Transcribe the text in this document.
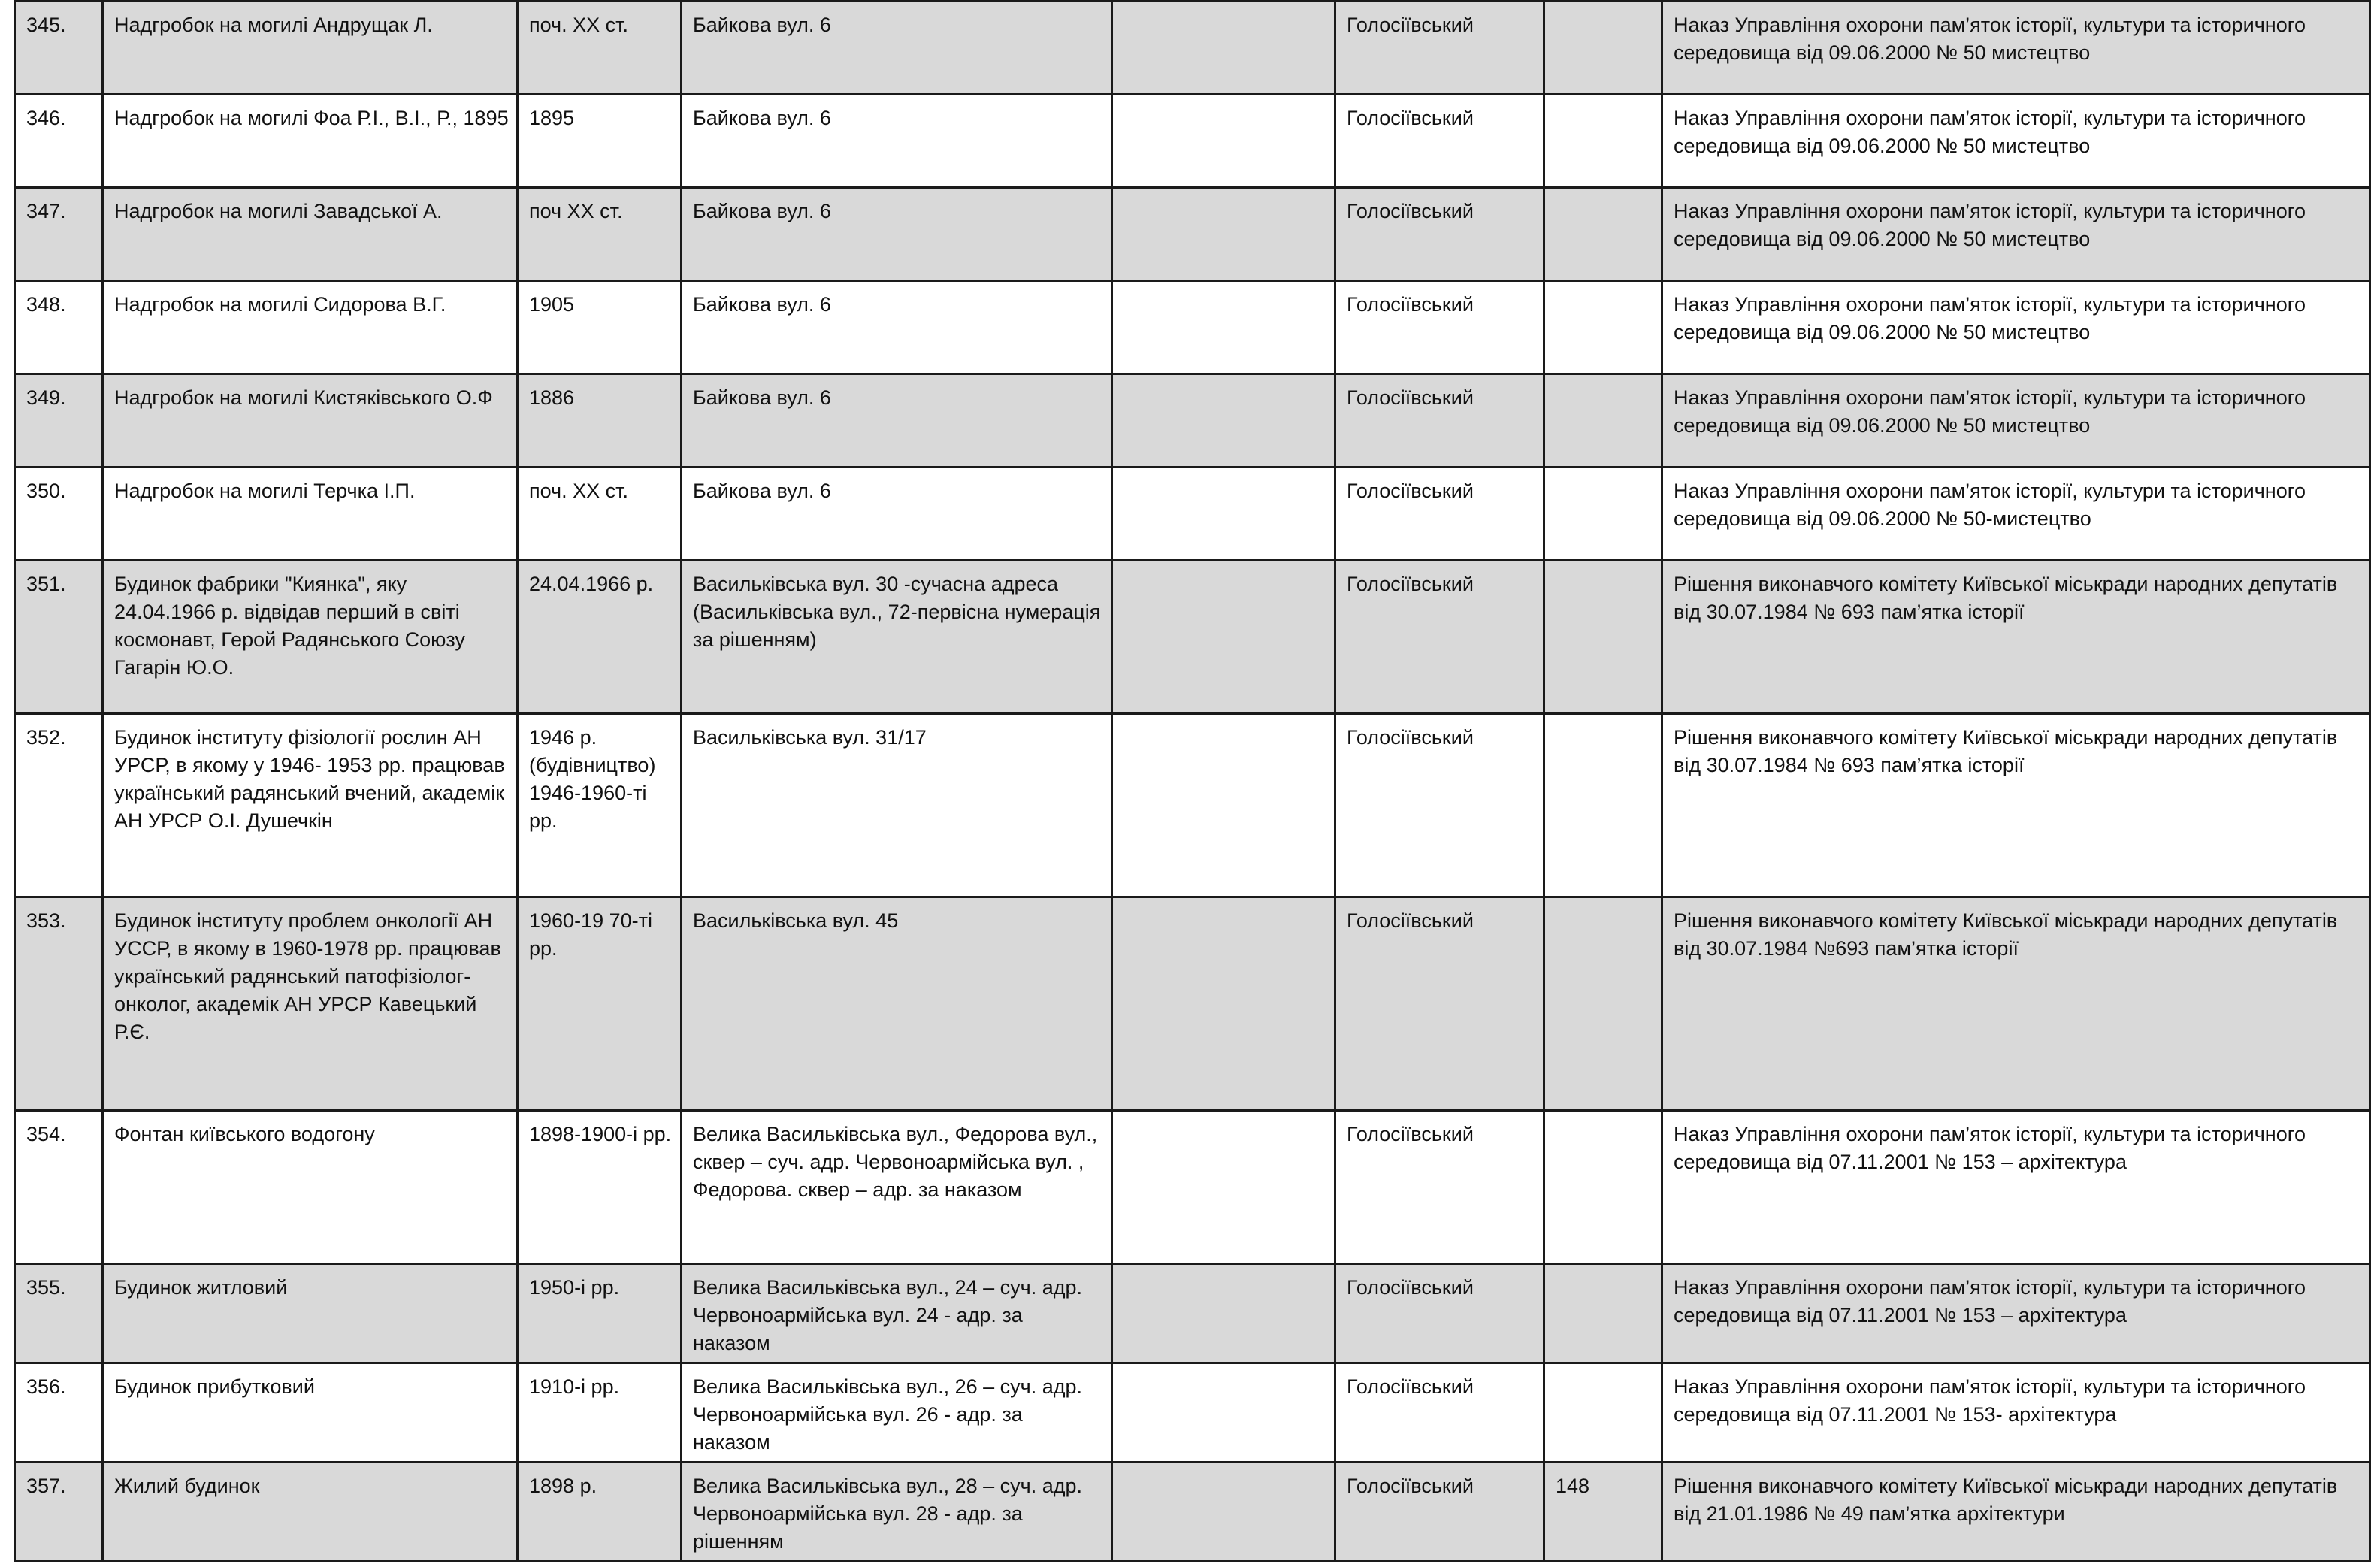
345.	Надгробок на могилі Андрущак Л.	поч. XX ст.	Байкова вул. 6		Голосіївський		Наказ Управління охорони пам’яток історії, культури та історичного середовища від 09.06.2000 № 50 мистецтво
346.	Надгробок на могилі Фоа Р.І., В.І., Р., 1895	1895	Байкова вул. 6		Голосіївський		Наказ Управління охорони пам’яток історії, культури та історичного середовища від 09.06.2000 № 50 мистецтво
347.	Надгробок на могилі Завадської А.	поч XX ст.	Байкова вул. 6		Голосіївський		Наказ Управління охорони пам’яток історії, культури та історичного середовища від 09.06.2000 № 50 мистецтво
348.	Надгробок на могилі Сидорова В.Г.	1905	Байкова вул. 6		Голосіївський		Наказ Управління охорони пам’яток історії, культури та історичного середовища від 09.06.2000 № 50 мистецтво
349.	Надгробок на могилі Кистяківського О.Ф	1886	Байкова вул. 6		Голосіївський		Наказ Управління охорони пам’яток історії, культури та історичного середовища від 09.06.2000 № 50 мистецтво
350.	Надгробок на могилі Терчка І.П.	поч. XX ст.	Байкова вул. 6		Голосіївський		Наказ Управління охорони пам’яток історії, культури та історичного середовища від 09.06.2000 № 50-мистецтво
351.	Будинок фабрики "Киянка", яку 24.04.1966 р. відвідав перший в світі космонавт, Герой Радянського Союзу Гагарін Ю.О.	24.04.1966 р.	Васильківська вул. 30 -сучасна адреса (Васильківська вул., 72-первісна нумерація за рішенням)		Голосіївський		Рішення виконавчого комітету Київської міськради народних депутатів від 30.07.1984 № 693 пам’ятка історії
352.	Будинок інституту фізіології рослин АН УРСР, в якому у 1946- 1953 рр. працював український радянський вчений, академік АН УРСР О.І. Душечкін	1946 р.(будівництво) 1946-1960-ті рр.	Васильківська вул. 31/17		Голосіївський		Рішення виконавчого комітету Київської міськради народних депутатів від 30.07.1984 № 693 пам’ятка історії
353.	Будинок інституту проблем онкології АН УССР, в якому в 1960-1978 рр. працював український радянський патофізіолог-онколог, академік АН УРСР Кавецький Р.Є.	1960-19 70-ті рр.	Васильківська вул. 45		Голосіївський		Рішення виконавчого комітету Київської міськради народних депутатів від 30.07.1984 №693 пам’ятка історії
354.	Фонтан київського водогону	1898-1900-і рр.	Велика Васильківська вул., Федорова вул., сквер – суч. адр. Червоноармійська вул. , Федорова. сквер – адр. за наказом		Голосіївський		Наказ Управління охорони пам’яток історії, культури та історичного середовища від 07.11.2001 № 153 – архітектура
355.	Будинок житловий	1950-і рр.	Велика Васильківська вул., 24 – суч. адр. Червоноармійська вул. 24 - адр. за наказом		Голосіївський		Наказ Управління охорони пам’яток історії, культури та історичного середовища від 07.11.2001 № 153 – архітектура
356.	Будинок прибутковий	1910-і рр.	Велика Васильківська вул., 26 – суч. адр. Червоноармійська вул. 26 - адр. за наказом		Голосіївський		Наказ Управління охорони пам’яток історії, культури та історичного середовища від 07.11.2001 № 153- архітектура
357.	Жилий будинок	1898 р.	Велика Васильківська вул., 28 – суч. адр. Червоноармійська вул. 28 - адр. за рішенням		Голосіївський	148	Рішення виконавчого комітету Київської міськради народних депутатів від 21.01.1986 № 49 пам’ятка архітектури
